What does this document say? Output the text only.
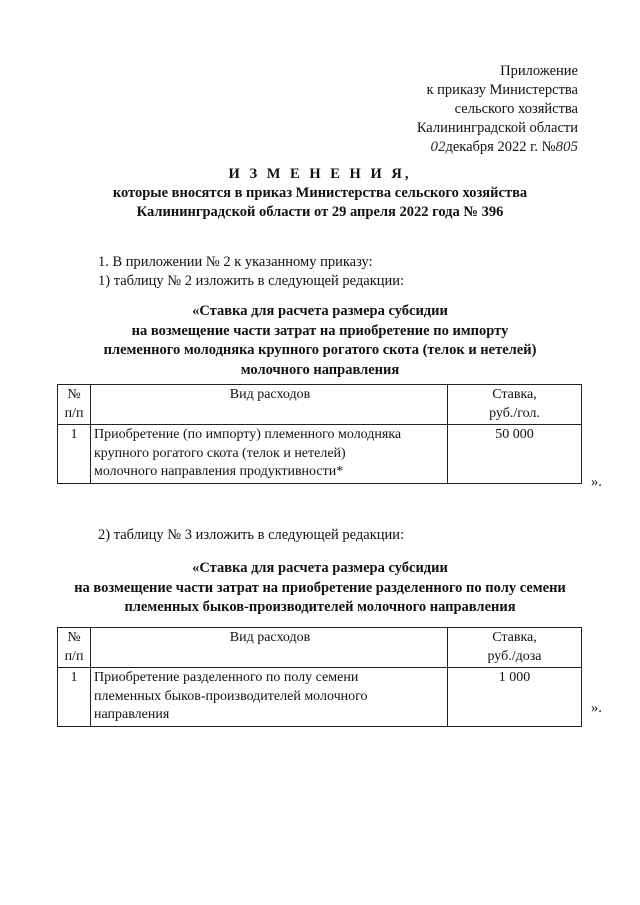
Приложение
к приказу Министерства
сельского хозяйства
Калининградской области
02декабря 2022 г. №805
И З М Е Н Е Н И Я,
которые вносятся в приказ Министерства сельского хозяйства
Калининградской области от 29 апреля 2022 года № 396
1. В приложении № 2 к указанному приказу:
1) таблицу № 2 изложить в следующей редакции:
«Ставка для расчета размера субсидии
на возмещение части затрат на приобретение по импорту
племенного молодняка крупного рогатого скота (телок и нетелей)
молочного направления
№
п/п	Вид расходов	Ставка,
руб./гол.

1	Приобретение (по импорту) племенного молодняка
крупного рогатого скота (телок и нетелей)
молочного направления продуктивности*	50 000
».
2) таблицу № 3 изложить в следующей редакции:
«Ставка для расчета размера субсидии
на возмещение части затрат на приобретение разделенного по полу семени
племенных быков-производителей молочного направления
№
п/п	Вид расходов	Ставка,
руб./доза

1	Приобретение разделенного по полу семени
племенных быков-производителей молочного
направления	1 000
».
